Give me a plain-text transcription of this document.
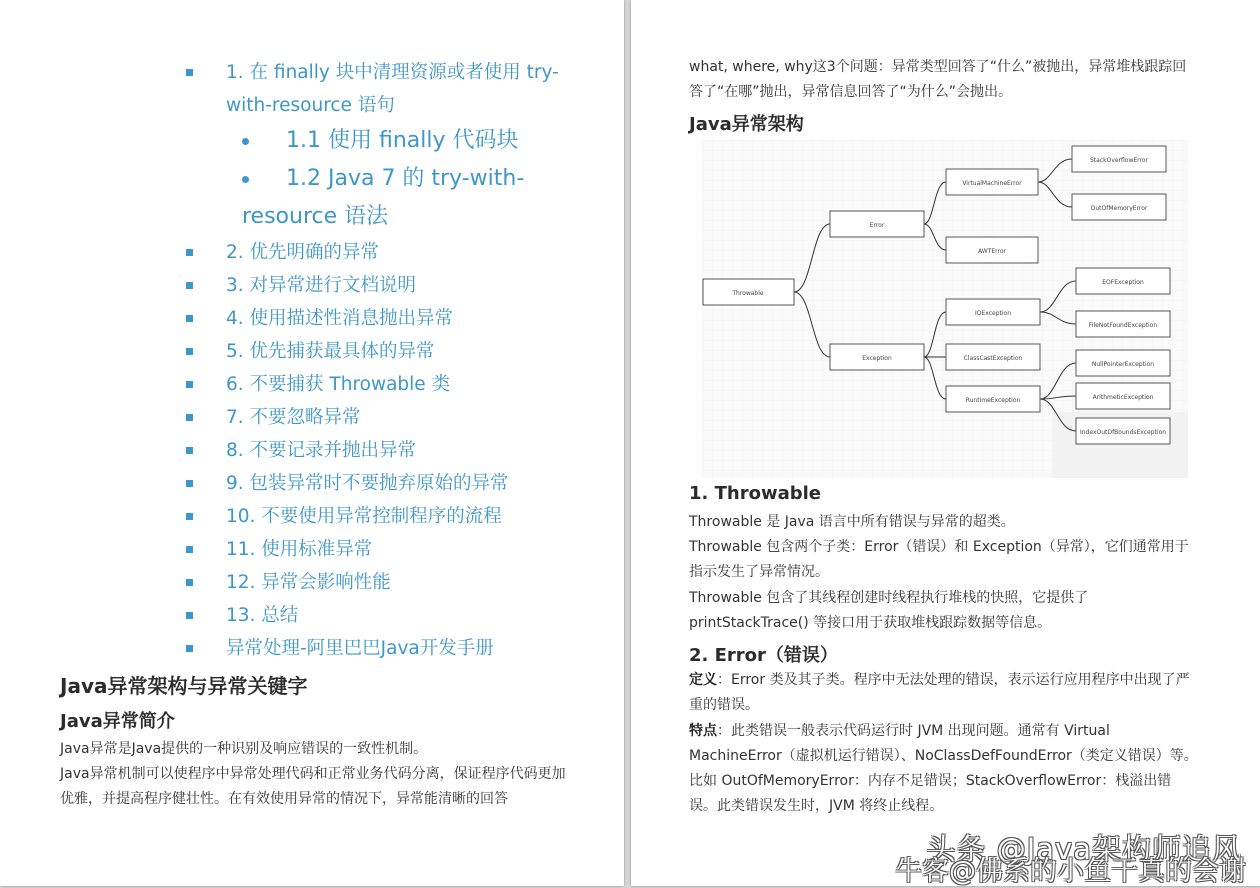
1. 在 finally 块中清理资源或者使用 try-with-resource 语句
1.1 使用 finally 代码块
1.2 Java 7 的 try-with-resource 语法
2. 优先明确的异常
3. 对异常进行文档说明
4. 使用描述性消息抛出异常
5. 优先捕获最具体的异常
6. 不要捕获 Throwable 类
7. 不要忽略异常
8. 不要记录并抛出异常
9. 包装异常时不要抛弃原始的异常
10. 不要使用异常控制程序的流程
11. 使用标准异常
12. 异常会影响性能
13. 总结
异常处理-阿里巴巴Java开发手册
Java异常架构与异常关键字
Java异常简介
Java异常是Java提供的一种识别及响应错误的一致性机制。
Java异常机制可以使程序中异常处理代码和正常业务代码分离，保证程序代码更加优雅，并提高程序健壮性。在有效使用异常的情况下，异常能清晰的回答
what, where, why这3个问题：异常类型回答了“什么”被抛出，异常堆栈跟踪回答了“在哪”抛出，异常信息回答了“为什么”会抛出。
Java异常架构
1. Throwable
Throwable 是 Java 语言中所有错误与异常的超类。
Throwable 包含两个子类：Error（错误）和 Exception（异常），它们通常用于指示发生了异常情况。
Throwable 包含了其线程创建时线程执行堆栈的快照，它提供了 printStackTrace() 等接口用于获取堆栈跟踪数据等信息。
2. Error（错误）
定义：Error 类及其子类。程序中无法处理的错误，表示运行应用程序中出现了严重的错误。
特点：此类错误一般表示代码运行时 JVM 出现问题。通常有 Virtual MachineError（虚拟机运行错误）、NoClassDefFoundError（类定义错误）等。比如 OutOfMemoryError：内存不足错误；StackOverflowError：栈溢出错误。此类错误发生时，JVM 将终止线程。
Throwable
Error
Exception
VirtualMachineError
AWTError
StackOverflowError
OutOfMemoryError
IOException
ClassCastException
RuntimeException
EOFException
FileNotFoundException
NullPointerException
ArithmeticException
IndexOutOfBoundsException
头条 @Java架构师追风
牛客@佛系的小鱼干真的会谢
